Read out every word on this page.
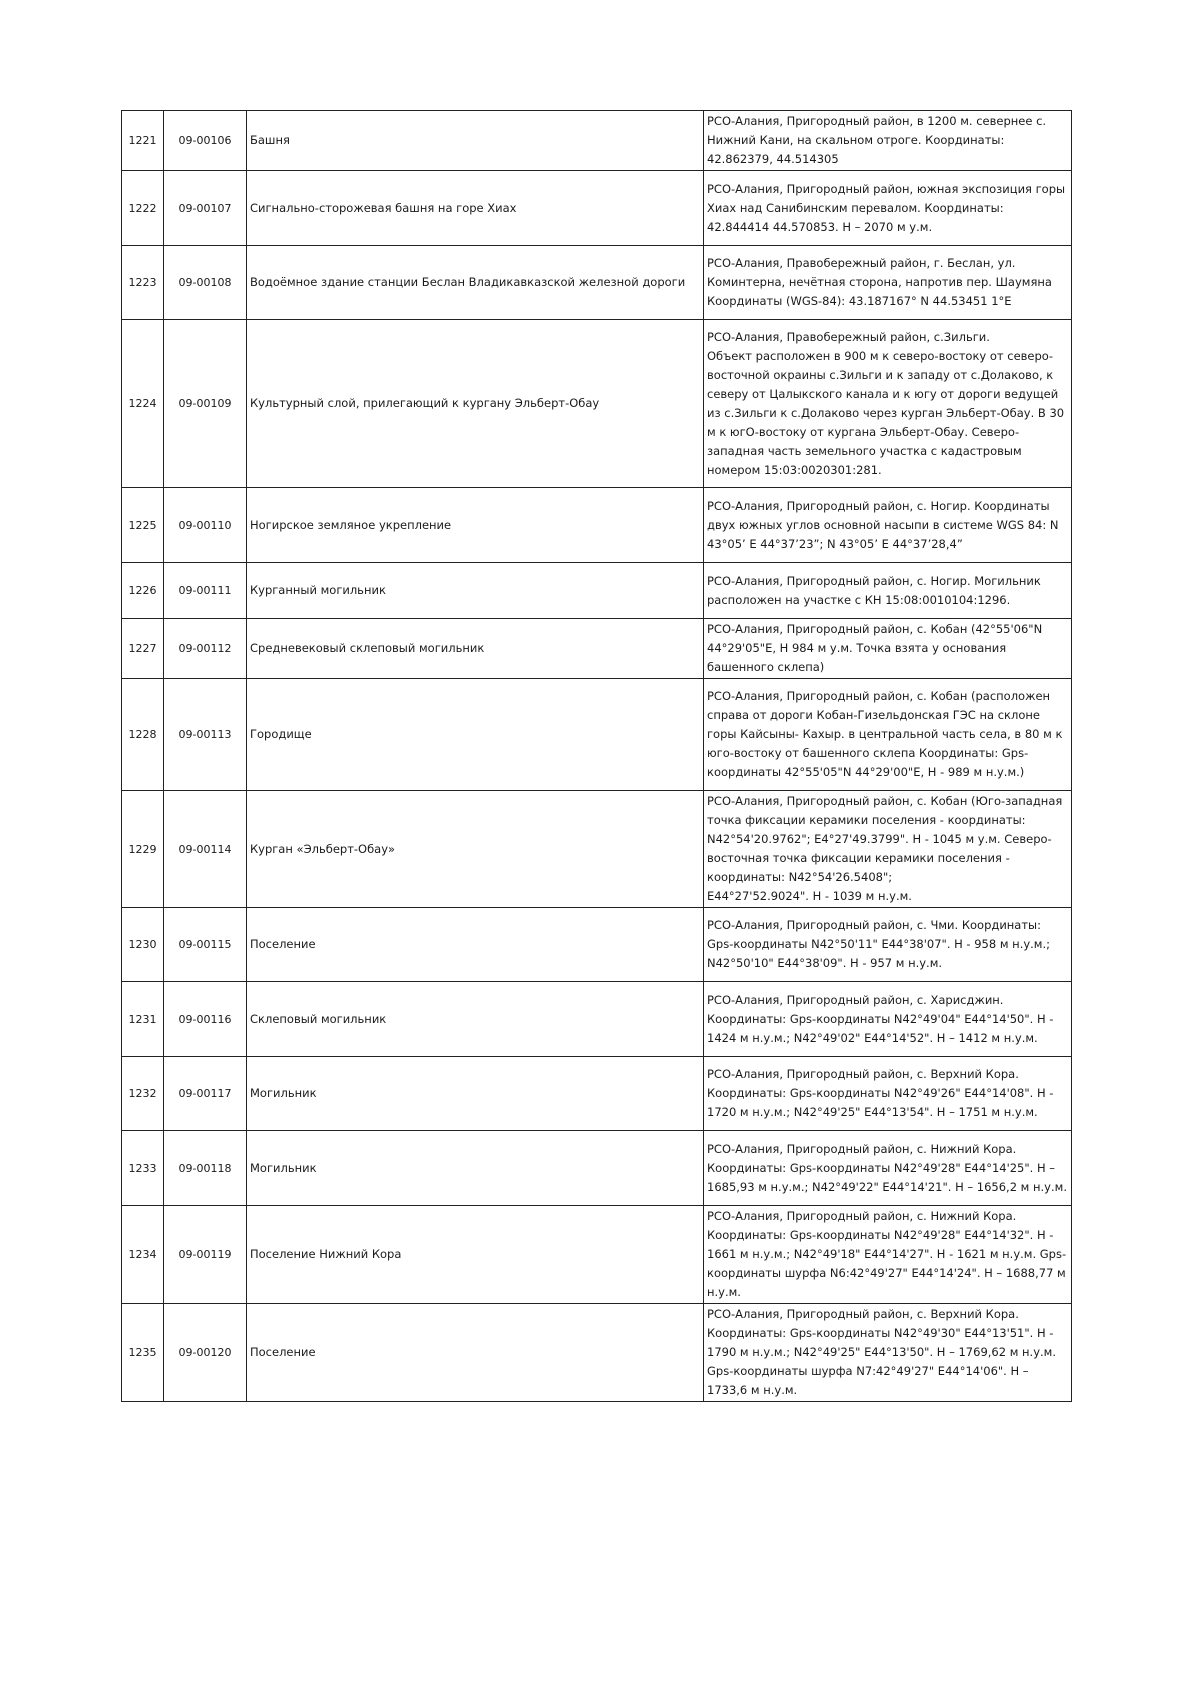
1221	09-00106	Башня	РСО-Алания, Пригородный район, в 1200 м. севернее с. Нижний Кани, на скальном отроге. Координаты:
42.862379, 44.514305
1222	09-00107	Сигнально-сторожевая башня на горе Хиах	РСО-Алания, Пригородный район, южная экспозиция горы Хиах над Санибинским перевалом. Координаты: 42.844414 44.570853. Н – 2070 м у.м.
1223	09-00108	Водоёмное здание станции Беслан Владикавказской железной дороги	РСО-Алания, Правобережный район, г. Беслан, ул. Коминтерна, нечётная сторона, напротив пер. Шаумяна Координаты (WGS-84): 43.187167° N 44.53451 1°E
1224	09-00109	Культурный слой, прилегающий к кургану Эльберт-Обау	РСО-Алания, Правобережный район, с.Зильги.
Объект расположен в 900 м к северо-востоку от северо-восточной окраины с.Зильги и к западу от с.Долаково, к северу от Цалыкского канала и к югу от дороги ведущей из с.Зильги к с.Долаково через курган Эльберт-Обау. В 30 м к югО-востоку от кургана Эльберт-Обау. Северо-западная часть земельного участка с кадастровым номером 15:03:0020301:281.
1225	09-00110	Ногирское земляное укрепление	РСО-Алания, Пригородный район, с. Ногир. Координаты двух южных углов основной насыпи в системе WGS 84: N 43°05’ E 44°37’23”; N 43°05’ E 44°37’28,4”
1226	09-00111	Курганный могильник	РСО-Алания, Пригородный район, с. Ногир. Могильник расположен на участке с КН 15:08:0010104:1296.
1227	09-00112	Средневековый склеповый могильник	РСО-Алания, Пригородный район, с. Кобан (42°55'06"N 44°29'05"E, H 984 м у.м. Точка взята у основания башенного склепа)
1228	09-00113	Городище	РСО-Алания, Пригородный район, с. Кобан (расположен справа от дороги Кобан-Гизельдонская ГЭС на склоне горы Кайсыны- Кахыр. в центральной часть села, в 80 м к юго-востоку от башенного склепа Координаты: Gps-координаты 42°55'05"N 44°29'00"E, Н - 989 м н.у.м.)
1229	09-00114	Курган «Эльберт-Обау»	РСО-Алания, Пригородный район, с. Кобан (Юго-западная точка фиксации керамики поселения - координаты: N42°54'20.9762"; E4°27'49.3799". Н - 1045 м у.м. Северо-восточная точка фиксации керамики поселения - координаты: N42°54'26.5408";
E44°27'52.9024". Н - 1039 м н.у.м.
1230	09-00115	Поселение	РСО-Алания, Пригородный район, с. Чми. Координаты: Gps-координаты N42°50'11" E44°38'07". Н - 958 м н.у.м.; N42°50'10" E44°38'09". Н - 957 м н.у.м.
1231	09-00116	Склеповый могильник	РСО-Алания, Пригородный район, с. Харисджин. Координаты: Gps-координаты N42°49'04" E44°14'50". Н - 1424 м н.у.м.; N42°49'02" E44°14'52". Н – 1412 м н.у.м.
1232	09-00117	Могильник	РСО-Алания, Пригородный район, с. Верхний Кора. Координаты: Gps-координаты N42°49'26" E44°14'08". Н - 1720 м н.у.м.; N42°49'25" E44°13'54". Н – 1751 м н.у.м.
1233	09-00118	Могильник	РСО-Алания, Пригородный район, с. Нижний Кора. Координаты: Gps-координаты N42°49'28" E44°14'25". Н – 1685,93 м н.у.м.; N42°49'22" E44°14'21". Н – 1656,2 м н.у.м.
1234	09-00119	Поселение Нижний Кора	РСО-Алания, Пригородный район, с. Нижний Кора. Координаты: Gps-координаты N42°49'28" E44°14'32". Н - 1661 м н.у.м.; N42°49'18" E44°14'27". Н - 1621 м н.у.м. Gps-координаты шурфа N6:42°49'27" E44°14'24". Н – 1688,77 м н.у.м.
1235	09-00120	Поселение	РСО-Алания, Пригородный район, с. Верхний Кора. Координаты: Gps-координаты N42°49'30" E44°13'51". Н - 1790 м н.у.м.; N42°49'25" E44°13'50". Н – 1769,62 м н.у.м. Gps-координаты шурфа N7:42°49'27" E44°14'06". Н – 1733,6 м н.у.м.
